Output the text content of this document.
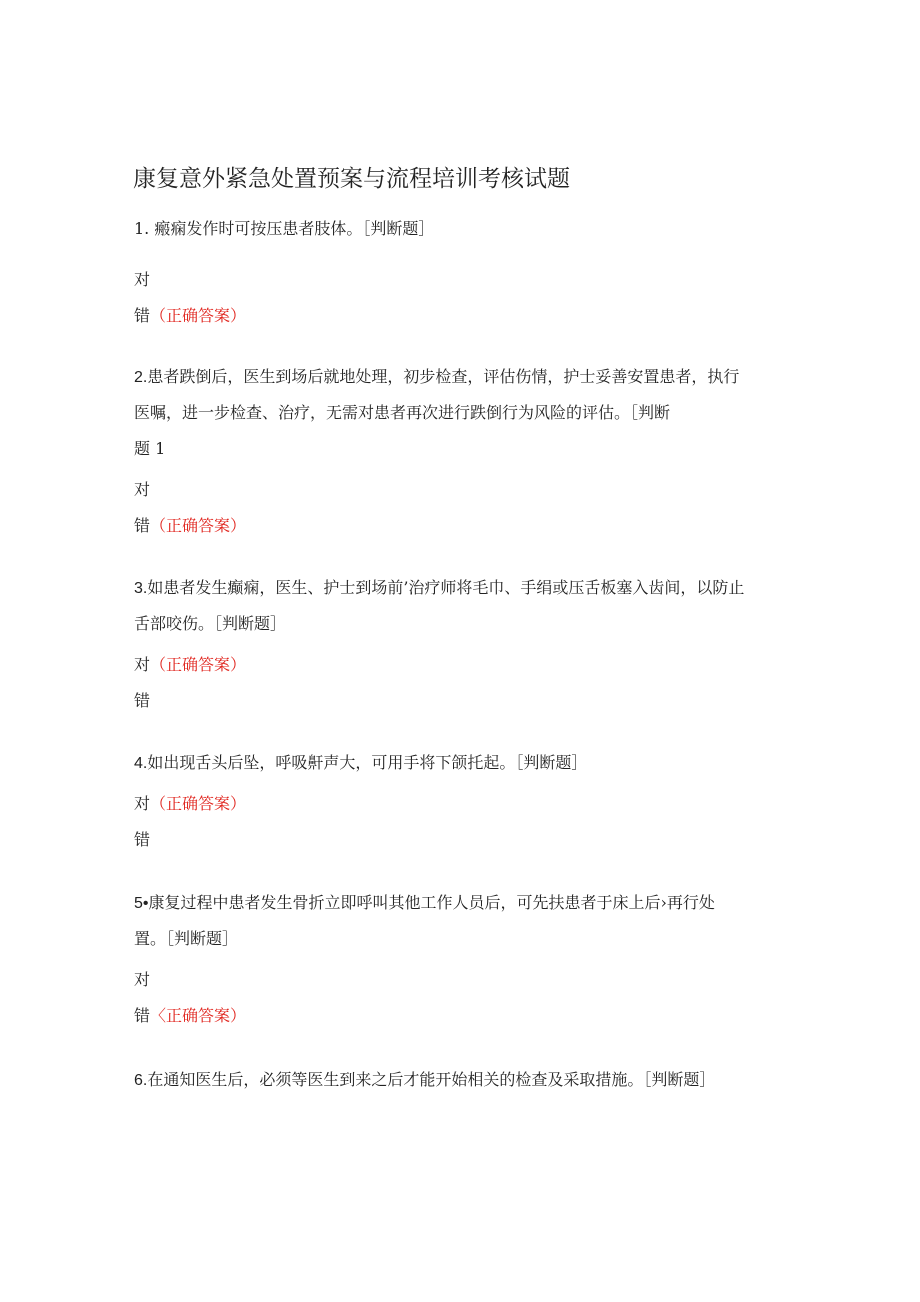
康复意外紧急处置预案与流程培训考核试题
1. 瘢痫发作时可按压患者肢体。［判断题］
对
错（正确答案）
2.患者跌倒后，医生到场后就地处理，初步检查，评估伤情，护士妥善安置患者，执行
医嘱，进一步检查、治疗，无需对患者再次进行跌倒行为风险的评估。［判断
题 1
对
错（正确答案）
3.如患者发生癫痫，医生、护士到场前’治疗师将毛巾、手绢或压舌板塞入齿间，以防止
舌部咬伤。［判断题］
对（正确答案）
错
4.如出现舌头后坠，呼吸鼾声大，可用手将下颌托起。［判断题］
对（正确答案）
错
5•康复过程中患者发生骨折立即呼叫其他工作人员后，可先扶患者于床上后›再行处
置。［判断题］
对
错〈正确答案）
6.在通知医生后，必须等医生到来之后才能开始相关的检查及采取措施。［判断题］
